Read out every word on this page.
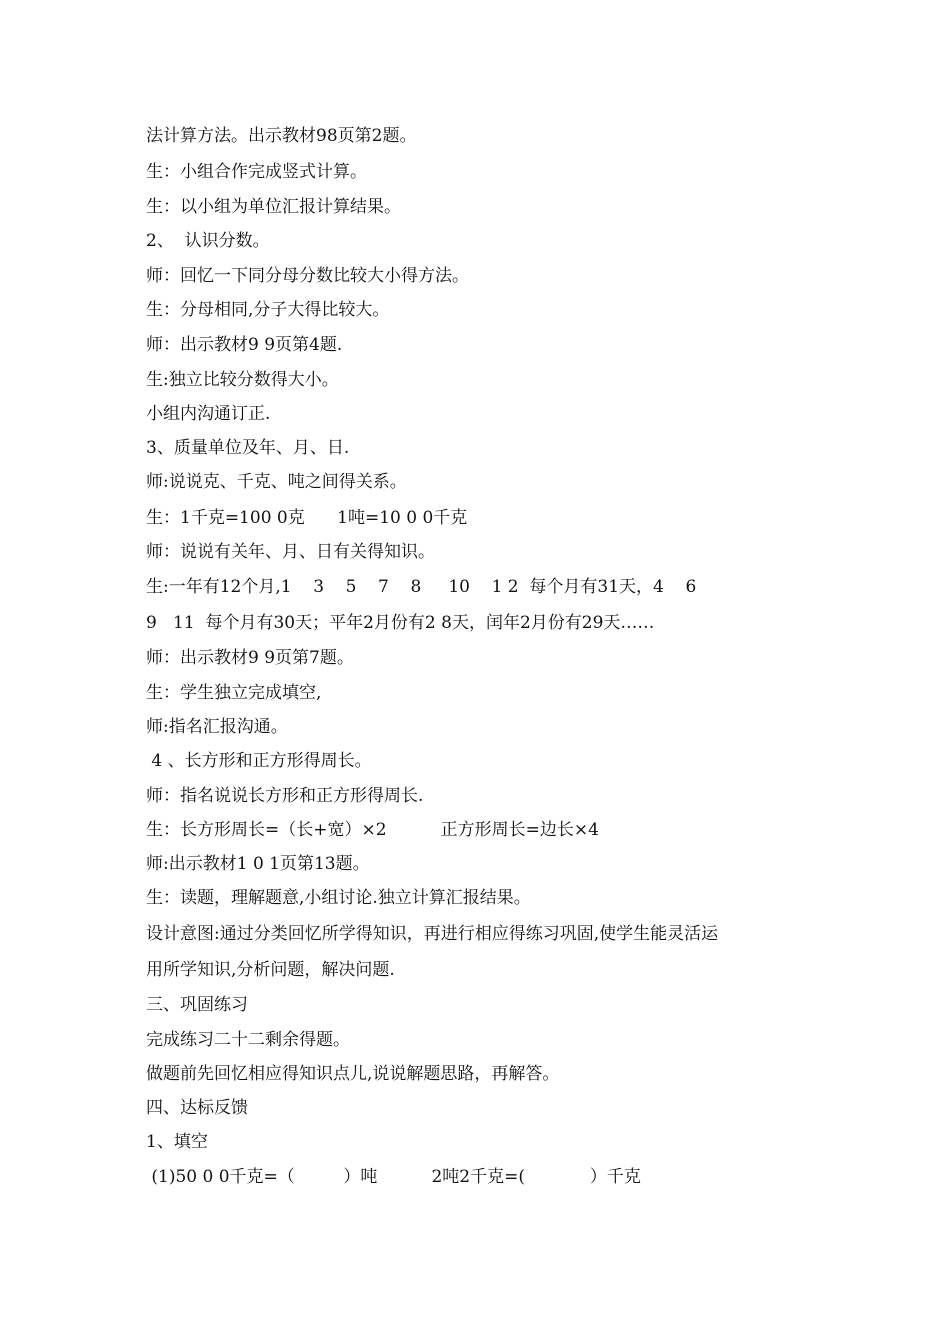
法计算方法。出示教材98页第2题。
生：小组合作完成竖式计算。
生：以小组为单位汇报计算结果。
2、  认识分数。
师：回忆一下同分母分数比较大小得方法。
生：分母相同,分子大得比较大。
师：出示教材9 9页第4题.
生:独立比较分数得大小。
小组内沟通订正.
3、质量单位及年、月、日.
师:说说克、千克、吨之间得关系。
生：1千克=100 0克      1吨=10 0 0千克
师：说说有关年、月、日有关得知识。
生:一年有12个月,1    3    5    7    8     10    1 2  每个月有31天，4    6
9   11  每个月有30天；平年2月份有2 8天，闰年2月份有29天……
师：出示教材9 9页第7题。
生：学生独立完成填空,
师:指名汇报沟通。
4 、长方形和正方形得周长。
师：指名说说长方形和正方形得周长.
生：长方形周长=（长+宽）×2          正方形周长=边长×4
师:出示教材1 0 1页第13题。
生：读题，理解题意,小组讨论.独立计算汇报结果。
设计意图:通过分类回忆所学得知识，再进行相应得练习巩固,使学生能灵活运
用所学知识,分析问题，解决问题.
三、巩固练习
完成练习二十二剩余得题。
做题前先回忆相应得知识点儿,说说解题思路，再解答。
四、达标反馈
1、填空
(1)50 0 0千克=（         ）吨          2吨2千克=(            ）千克
